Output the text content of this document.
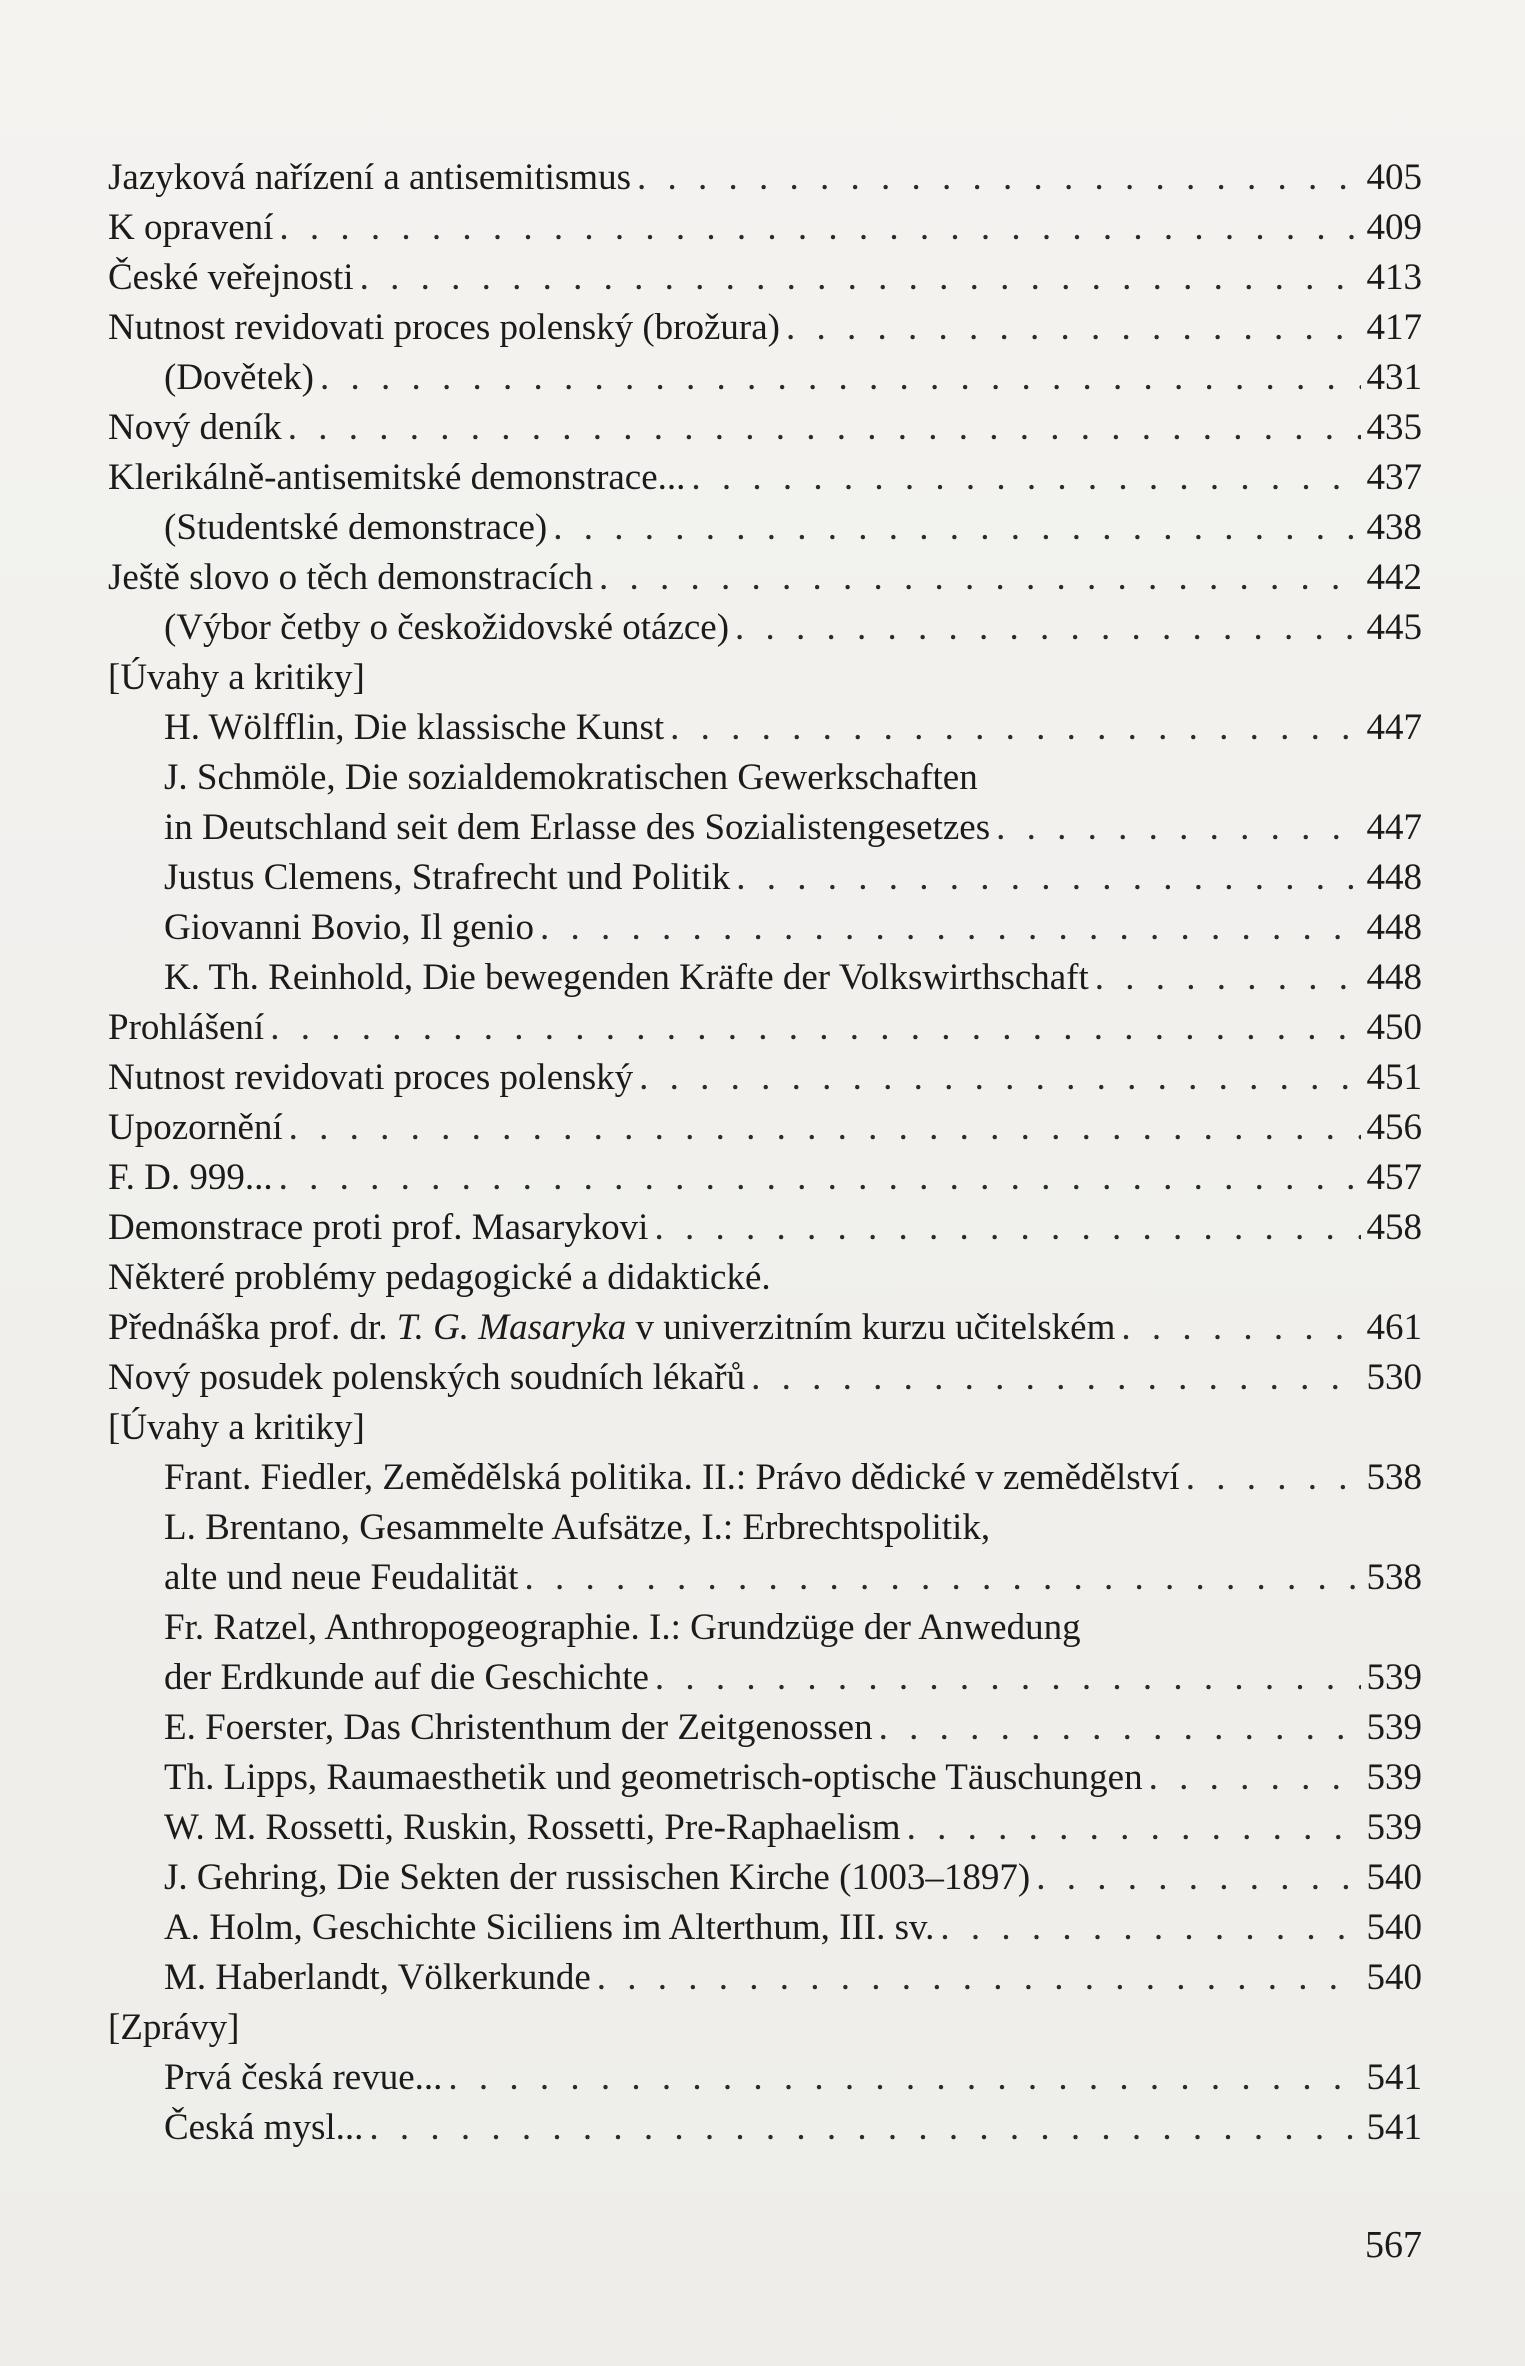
Jazyková nařízení a antisemitismus . . .	405
K opravení . . .	409
České veřejnosti . . .	413
Nutnost revidovati proces polenský (brožura) . . .	417
(Dovětek) . . .	431
Nový deník . . .	435
Klerikálně-antisemitské demonstrace... . . .	437
(Studentské demonstrace) . . .	438
Ještě slovo o těch demonstracích . . .	442
(Výbor četby o českožidovské otázce) . . .	445
[Úvahy a kritiky]
H. Wölfflin, Die klassische Kunst . . .	447
J. Schmöle, Die sozialdemokratischen Gewerkschaften
in Deutschland seit dem Erlasse des Sozialistengesetzes . . .	447
Justus Clemens, Strafrecht und Politik . . .	448
Giovanni Bovio, Il genio . . .	448
K. Th. Reinhold, Die bewegenden Kräfte der Volkswirthschaft . . .	448
Prohlášení . . .	450
Nutnost revidovati proces polenský . . .	451
Upozornění . . .	456
F. D. 999... . . .	457
Demonstrace proti prof. Masarykovi . . .	458
Některé problémy pedagogické a didaktické.
Přednáška prof. dr. T. G. Masaryka v univerzitním kurzu učitelském . . .	461
Nový posudek polenských soudních lékařů . . .	530
[Úvahy a kritiky]
Frant. Fiedler, Zemědělská politika. II.: Právo dědické v zemědělství . . .	538
L. Brentano, Gesammelte Aufsätze, I.: Erbrechtspolitik,
alte und neue Feudalität . . .	538
Fr. Ratzel, Anthropogeographie. I.: Grundzüge der Anwedung
der Erdkunde auf die Geschichte . . .	539
E. Foerster, Das Christenthum der Zeitgenossen . . .	539
Th. Lipps, Raumaesthetik und geometrisch-optische Täuschungen . . .	539
W. M. Rossetti, Ruskin, Rossetti, Pre-Raphaelism . . .	539
J. Gehring, Die Sekten der russischen Kirche (1003–1897) . . .	540
A. Holm, Geschichte Siciliens im Alterthum, III. sv. . . .	540
M. Haberlandt, Völkerkunde . . .	540
[Zprávy]
Prvá česká revue... . . .	541
Česká mysl... . . .	541
567
